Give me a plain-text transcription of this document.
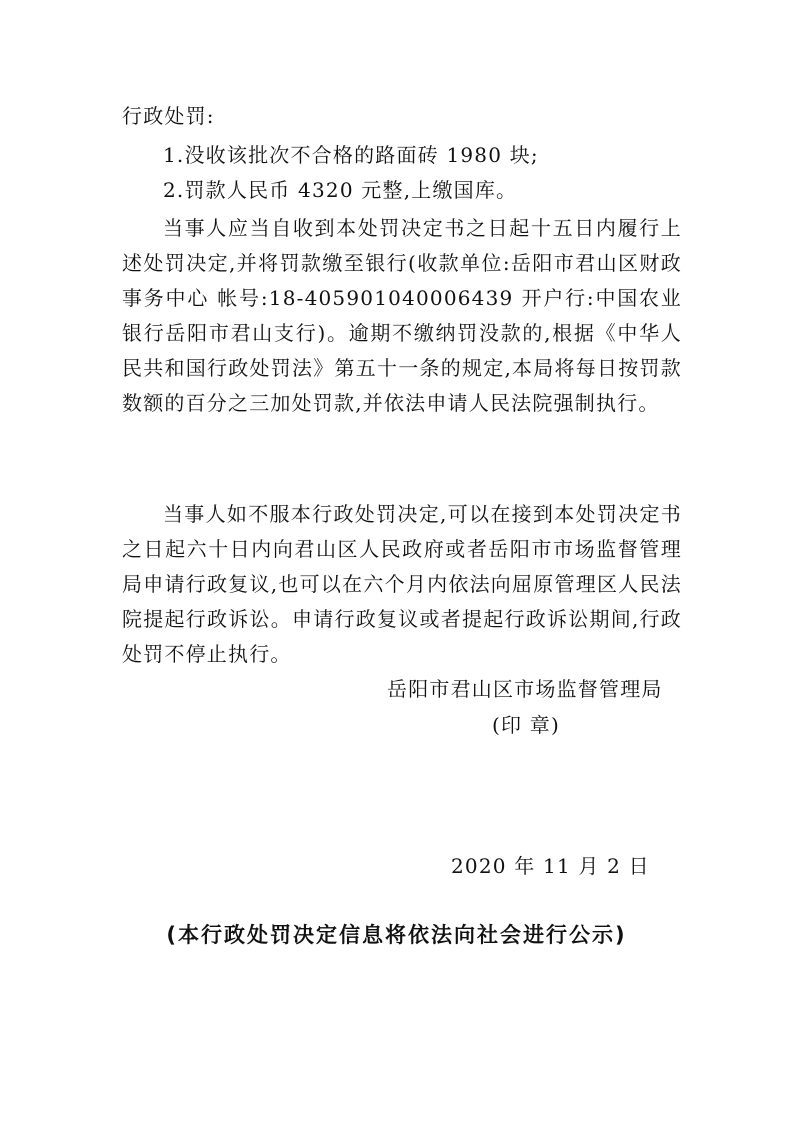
行政处罚:
1.没收该批次不合格的路面砖 1980 块;
2.罚款人民币 4320 元整,上缴国库。

当事人应当自收到本处罚决定书之日起十五日内履行上述处罚决定,并将罚款缴至银行(收款单位:岳阳市君山区财政事务中心 帐号:18-405901040006439 开户行:中国农业银行岳阳市君山支行)。逾期不缴纳罚没款的,根据《中华人民共和国行政处罚法》第五十一条的规定,本局将每日按罚款数额的百分之三加处罚款,并依法申请人民法院强制执行。

当事人如不服本行政处罚决定,可以在接到本处罚决定书之日起六十日内向君山区人民政府或者岳阳市市场监督管理局申请行政复议,也可以在六个月内依法向屈原管理区人民法院提起行政诉讼。申请行政复议或者提起行政诉讼期间,行政处罚不停止执行。

岳阳市君山区市场监督管理局
(印 章)
2020 年 11 月 2 日
(本行政处罚决定信息将依法向社会进行公示)
